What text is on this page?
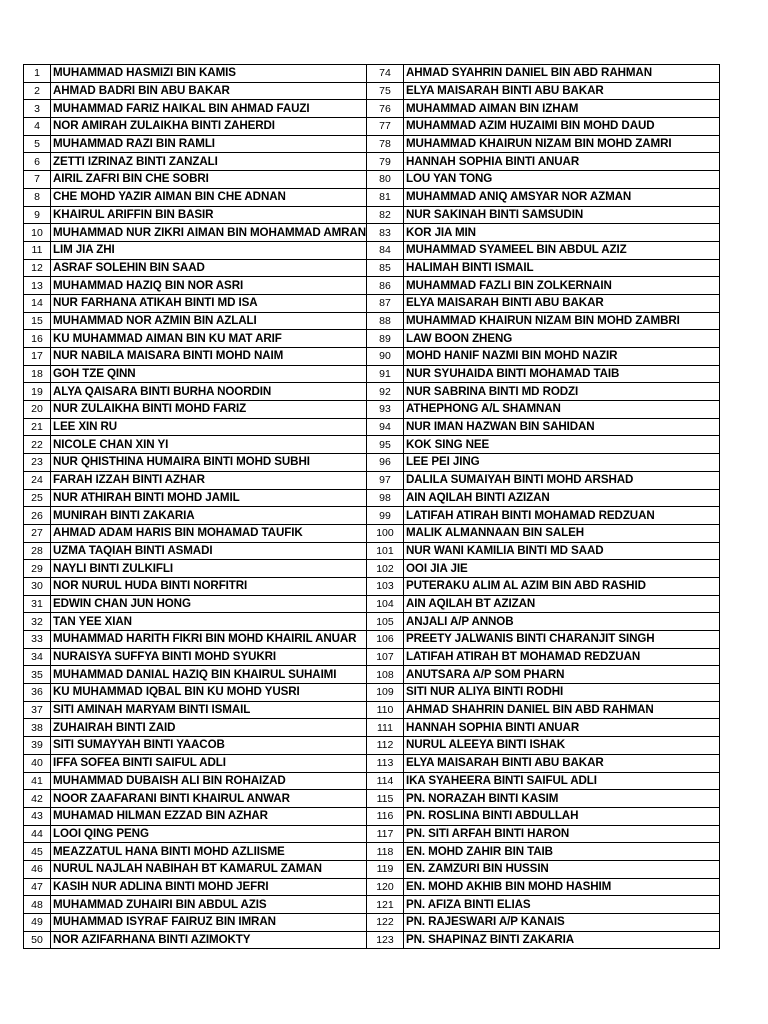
1	MUHAMMAD HASMIZI BIN KAMIS	74	AHMAD SYAHRIN DANIEL BIN ABD RAHMAN
2	AHMAD BADRI BIN ABU BAKAR	75	ELYA MAISARAH BINTI ABU BAKAR
3	MUHAMMAD FARIZ HAIKAL BIN AHMAD FAUZI	76	MUHAMMAD AIMAN BIN IZHAM
4	NOR AMIRAH ZULAIKHA BINTI ZAHERDI	77	MUHAMMAD AZIM HUZAIMI BIN MOHD DAUD
5	MUHAMMAD RAZI BIN RAMLI	78	MUHAMMAD KHAIRUN NIZAM BIN MOHD ZAMRI
6	ZETTI IZRINAZ BINTI ZANZALI	79	HANNAH SOPHIA BINTI ANUAR
7	AIRIL ZAFRI BIN CHE SOBRI	80	LOU YAN TONG
8	CHE MOHD YAZIR AIMAN BIN CHE ADNAN	81	MUHAMMAD ANIQ AMSYAR NOR AZMAN
9	KHAIRUL ARIFFIN BIN BASIR	82	NUR SAKINAH BINTI SAMSUDIN
10	MUHAMMAD NUR ZIKRI AIMAN BIN MOHAMMAD AMRAN	83	KOR JIA MIN
11	LIM JIA ZHI	84	MUHAMMAD SYAMEEL BIN ABDUL AZIZ
12	ASRAF SOLEHIN BIN SAAD	85	HALIMAH BINTI ISMAIL
13	MUHAMMAD HAZIQ BIN NOR ASRI	86	MUHAMMAD FAZLI BIN ZOLKERNAIN
14	NUR FARHANA ATIKAH BINTI MD ISA	87	ELYA MAISARAH BINTI ABU BAKAR
15	MUHAMMAD NOR AZMIN BIN AZLALI	88	MUHAMMAD KHAIRUN NIZAM BIN MOHD ZAMBRI
16	KU MUHAMMAD AIMAN BIN KU MAT ARIF	89	LAW BOON ZHENG
17	NUR NABILA MAISARA BINTI MOHD NAIM	90	MOHD HANIF NAZMI BIN MOHD NAZIR
18	GOH TZE QINN	91	NUR SYUHAIDA BINTI MOHAMAD TAIB
19	ALYA QAISARA BINTI BURHA NOORDIN	92	NUR SABRINA BINTI MD RODZI
20	NUR ZULAIKHA BINTI MOHD FARIZ	93	ATHEPHONG A/L SHAMNAN
21	LEE XIN RU	94	NUR IMAN HAZWAN BIN SAHIDAN
22	NICOLE CHAN XIN YI	95	KOK SING NEE
23	NUR QHISTHINA HUMAIRA BINTI MOHD SUBHI	96	LEE PEI JING
24	FARAH IZZAH BINTI AZHAR	97	DALILA SUMAIYAH BINTI MOHD ARSHAD
25	NUR ATHIRAH BINTI MOHD JAMIL	98	AIN AQILAH BINTI AZIZAN
26	MUNIRAH BINTI ZAKARIA	99	LATIFAH ATIRAH BINTI MOHAMAD REDZUAN
27	AHMAD ADAM HARIS BIN MOHAMAD TAUFIK	100	MALIK ALMANNAAN BIN SALEH
28	UZMA TAQIAH BINTI ASMADI	101	NUR WANI KAMILIA BINTI MD SAAD
29	NAYLI BINTI ZULKIFLI	102	OOI JIA JIE
30	NOR NURUL HUDA BINTI NORFITRI	103	PUTERAKU ALIM AL AZIM BIN ABD RASHID
31	EDWIN CHAN JUN HONG	104	AIN AQILAH BT AZIZAN
32	TAN YEE XIAN	105	ANJALI A/P ANNOB
33	MUHAMMAD HARITH FIKRI BIN MOHD KHAIRIL ANUAR	106	PREETY JALWANIS BINTI CHARANJIT SINGH
34	NURAISYA SUFFYA BINTI MOHD SYUKRI	107	LATIFAH ATIRAH BT MOHAMAD REDZUAN
35	MUHAMMAD DANIAL HAZIQ BIN KHAIRUL SUHAIMI	108	ANUTSARA A/P SOM PHARN
36	KU MUHAMMAD IQBAL BIN KU MOHD YUSRI	109	SITI NUR ALIYA BINTI RODHI
37	SITI AMINAH MARYAM BINTI ISMAIL	110	AHMAD SHAHRIN DANIEL BIN ABD RAHMAN
38	ZUHAIRAH BINTI ZAID	111	HANNAH SOPHIA BINTI ANUAR
39	SITI SUMAYYAH BINTI YAACOB	112	NURUL ALEEYA BINTI ISHAK
40	IFFA SOFEA BINTI SAIFUL ADLI	113	ELYA MAISARAH BINTI ABU BAKAR
41	MUHAMMAD DUBAISH ALI BIN ROHAIZAD	114	IKA SYAHEERA BINTI SAIFUL ADLI
42	NOOR ZAAFARANI BINTI KHAIRUL ANWAR	115	PN. NORAZAH BINTI KASIM
43	MUHAMAD HILMAN EZZAD BIN AZHAR	116	PN. ROSLINA BINTI ABDULLAH
44	LOOI QING PENG	117	PN. SITI ARFAH BINTI HARON
45	MEAZZATUL HANA BINTI MOHD AZLIISME	118	EN. MOHD ZAHIR BIN TAIB
46	NURUL NAJLAH NABIHAH BT KAMARUL ZAMAN	119	EN. ZAMZURI BIN HUSSIN
47	KASIH NUR ADLINA BINTI MOHD JEFRI	120	EN. MOHD AKHIB BIN MOHD HASHIM
48	MUHAMMAD ZUHAIRI BIN ABDUL AZIS	121	PN. AFIZA BINTI ELIAS
49	MUHAMMAD ISYRAF FAIRUZ BIN IMRAN	122	PN. RAJESWARI A/P KANAIS
50	NOR AZIFARHANA BINTI AZIMOKTY	123	PN. SHAPINAZ BINTI ZAKARIA
